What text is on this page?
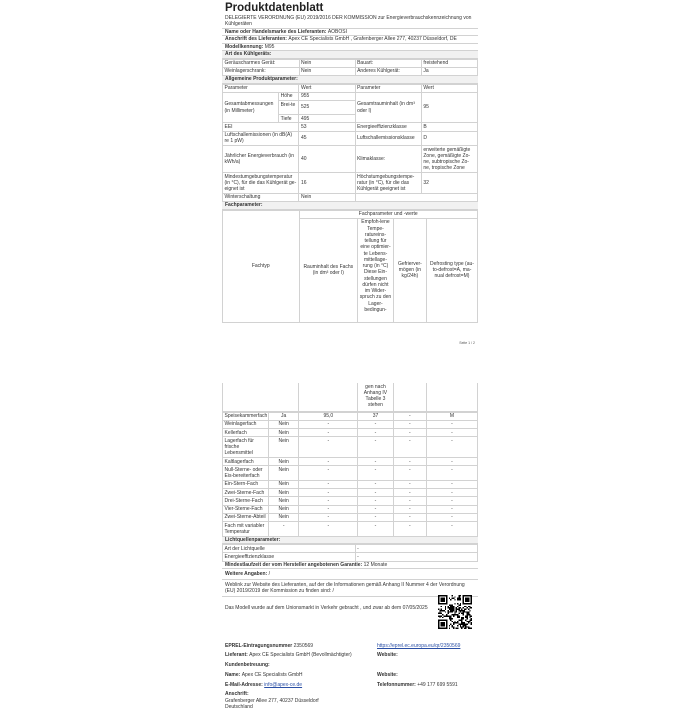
Produktdatenblatt
DELEGIERTE VERORDNUNG (EU) 2019/2016 DER KOMMISSION zur Energieverbrauchskennzeichnung von Kühlgeräten
Name oder Handelsmarke des Lieferanten:
AOBOSI
Anschrift des Lieferanten:
Apex CE Specialists GmbH , Grafenberger Allee 277, 40237 Düsseldorf, DE
Modellkennung:
M95
Art des Kühlgeräts:
Geräuscharmes Gerät:	Nein	Bauart:	freistehend
Weinlagerschrank:	Nein	Anderes Kühlgerät:	Ja
Allgemeine Produktparameter:
Parameter		Wert	Parameter	Wert
Gesamtabmessungen (in Millimeter)	Höhe	955	Gesamtrauminhalt (in dm³ oder l)	95
	Brei-te	525		
	Tiefe	495		
EEI		53	Energieeffizienzklasse	B
Luftschallemissionen (in dB(A) re 1 pW)		45	Luftschallemissionsklasse	D
Jährlicher Energieverbrauch (in kWh/a)		40	Klimaklasse:	erweiterte gemäßigte Zone, gemäßigte Zo-ne, subtropische Zo-ne, tropische Zone
Mindestumgebungstemperatur (in °C), für die das Kühlgerät ge-eignet ist		16	Höchstumgebungstempe-ratur (in °C), für die das Kühlgerät geeignet ist	32
Winterschaltung		Nein		
Fachparameter:
Fachtyp	Fachparameter und -werte			
	Rauminhalt des Fachs (in dm³ oder l)	Empfoh-lene Tempe-ratureins-tellung für eine optimier-te Lebens-mittellage-rung (in °C) Diese Ein-stellungen dürfen nicht im Wider-spruch zu den Lager-bedingun-	Gefrierver-mögen (in kg/24h)	Defrosting type (au-to-defrost=A, ma-nual defrost=M)
Seite 1 / 2
		gen nach Anhang IV Tabelle 3 stehen		
Speisekammerfach	Ja	95,0	37	-	M
Weinlagerfach	Nein	-	-	-	-
Kellerfach	Nein	-	-	-	-
Lagerfach für frische Lebensmittel	Nein	-	-	-	-
Kaltlagerfach	Nein	-	-	-	-
Null-Sterne- oder Eis-bereiterfach	Nein	-	-	-	-
Ein-Stern-Fach	Nein	-	-	-	-
Zwei-Sterne-Fach	Nein	-	-	-	-
Drei-Sterne-Fach	Nein	-	-	-	-
Vier-Sterne-Fach	Nein	-	-	-	-
Zwei-Sterne-Abteil	Nein	-	-	-	-
Fach mit variabler Temperatur	-	-	-	-	-
Lichtquellenparameter:
Art der Lichtquelle	-
Energieeffizienzklasse	-
Mindestlaufzeit der vom Hersteller angebotenen Garantie:
12 Monate
Weitere Angaben:
/
Weblink zur Website des Lieferanten, auf der die Informationen gemäß Anhang II Nummer 4 der Verordnung (EU) 2019/2019 der Kommission zu finden sind: /
Das Modell wurde auf dem Unionsmarkt in Verkehr gebracht , und zwar ab dem 07/05/2025
EPREL-Eintragungsnummer 2350569	https://eprel.ec.europa.eu/qr/2350569
Lieferant: Apex CE Specialists GmbH (Bevollmächtigter)	Website:
Kundenbetreuung:
Name: Apex CE Specialists GmbH	Website:
E-Mail-Adresse: info@apex-ce.de	Telefonnummer: +49 177 699 5591
Anschrift:
Grafenberger Allee 277, 40237 Düsseldorf Deutschland
